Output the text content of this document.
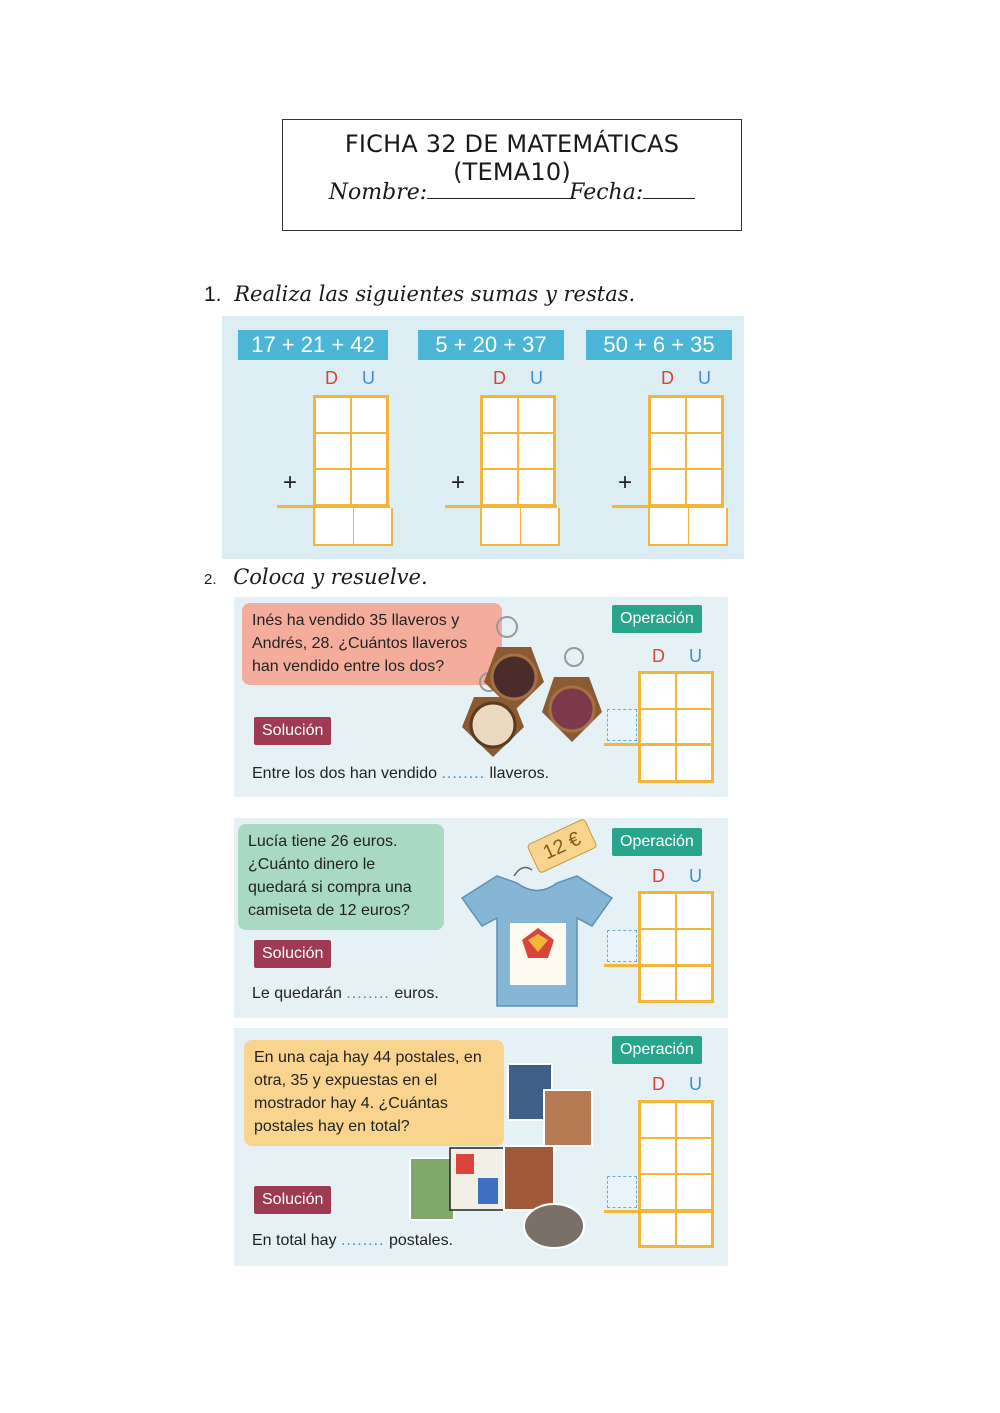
FICHA 32 DE MATEMÁTICAS (TEMA10)
Nombre:	Fecha:
1. Realiza las siguientes sumas y restas.
17 + 21 + 42
D U
+
5 + 20 + 37
D U
+
50 + 6 + 35
D U
+
2. Coloca y resuelve.
Inés ha vendido 35 llaveros y Andrés, 28. ¿Cuántos llaveros han vendido entre los dos?
Operación
D U
Solución
Entre los dos han vendido ........ llaveros.
Lucía tiene 26 euros. ¿Cuánto dinero le quedará si compra una camiseta de 12 euros?
12 €	Operación
D U
Solución
Le quedarán ........ euros.
En una caja hay 44 postales, en otra, 35 y expuestas en el mostrador hay 4. ¿Cuántas postales hay en total?
Operación
D U
Solución
En total hay ........ postales.
